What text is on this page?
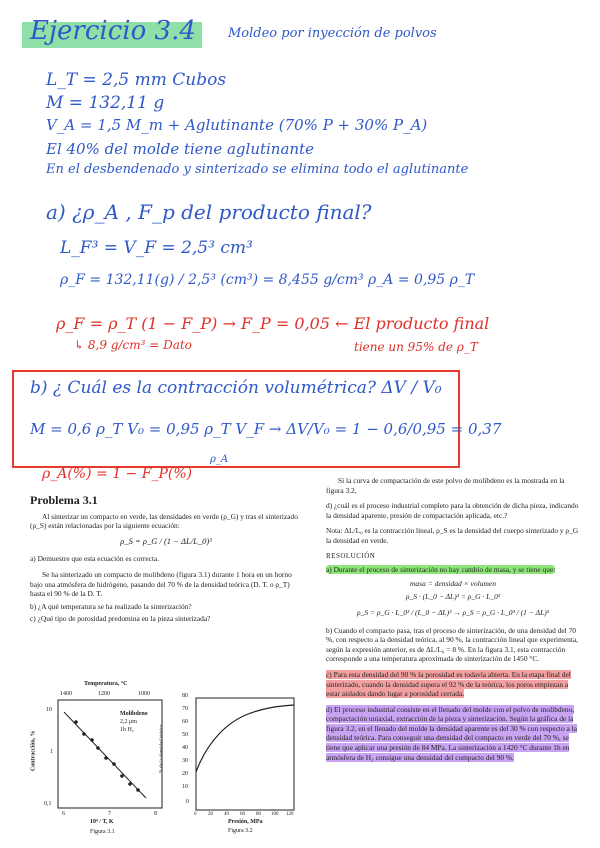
Ejercicio 3.4 Moldeo por inyección de polvos
L_T = 2,5 mm Cubos
M = 132,11 g
V_A = 1,5 M_m + Aglutinante (70% P + 30% P_A)
El 40% del molde tiene aglutinante
En el desbendenado y sinterizado se elimina todo el aglutinante
a) ¿ρ_A , F_p del producto final?
L_F³ = V_F = 2,5³ cm³
ρ_F = 132,11(g) / 2,5³ (cm³) = 8,455 g/cm³ ρ_A = 0,95 ρ_T
ρ_F = ρ_T (1 − F_P) → F_P = 0,05 ← El producto final
↳ 8,9 g/cm³ = Dato	tiene un 95% de ρ_T
b) ¿ Cuál es la contracción volumétrica? ΔV / V₀
M = 0,6 ρ_T V₀ = 0,95 ρ_T V_F → ΔV/V₀ = 1 − 0,6/0,95 = 0,37
ρ_A
ρ_A(%) = 1 − F_P(%)
Problema 3.1

Al sinterizar un compacto en verde, las densidades en verde (ρ_G) y tras el sinterizado (ρ_S) están relacionadas por la siguiente ecuación:

ρ_S = ρ_G / (1 − ΔL/L_0)³

a) Demuestre que esta ecuación es correcta.

Se ha sinterizado un compacto de molibdeno (figura 3.1) durante 1 hora en un horno bajo una atmósfera de hidrógeno, pasando del 70 % de la densidad teórica (D. T. o ρ_T) hasta el 90 % de la D. T.

b) ¿A qué temperatura se ha realizado la sinterización?

c) ¿Qué tipo de porosidad predomina en la pieza sinterizada?

Temperatura, °C
1400	1200	1000
Molibdeno
2,2 μm
1h H₂
10
1
0,1
Contracción, %
6	7	8
10⁴ / T, K
Figura 3.1
80
70
60
50
40
30
20
10
0
% de la densidad teórica
0 20 40 60 80 100 120
Presión, MPa
Figura 3.2

Si la curva de compactación de este polvo de molibdeno es la mostrada en la figura 3.2,

d) ¿cuál es el proceso industrial completo para la obtención de dicha pieza, indicando la densidad aparente, presión de compactación aplicada, etc.?

Nota: ΔL/L₀ es la contracción lineal, ρ_S es la densidad del cuerpo sinterizado y ρ_G la densidad en verde.

RESOLUCIÓN

a) Durante el proceso de sinterización no hay cambio de masa, y se tiene que:

masa = densidad × volumen
ρ_S · (L_0 − ΔL)³ = ρ_G · L_0³
ρ_S = ρ_G · L_0³ / (L_0 − ΔL)³ → ρ_S = ρ_G · L_0³ / (1 − ΔL)³

b) Cuando el compacto pasa, tras el proceso de sinterización, de una densidad del 70 %, con respecto a la densidad teórica, al 90 %, la contracción lineal que experimenta, según la expresión anterior, es de ΔL/L₀ = 8 %. En la figura 3.1, esta contracción corresponde a una temperatura aproximada de sinterización de 1450 °C.

c) Para esta densidad del 90 % la porosidad es todavía abierta. En la etapa final del sinterizado, cuando la densidad supera el 92 % de la teórica, los poros empiezan a estar aislados dando lugar a porosidad cerrada.

d) El proceso industrial consiste en el llenado del molde con el polvo de molibdeno, compactación uniaxial, extracción de la pieza y sinterización. Según la gráfica de la figura 3.2, en el llenado del molde la densidad aparente es del 30 % con respecto a la densidad teórica. Para conseguir una densidad del compacto en verde del 70 %, se tiene que aplicar una presión de 84 MPa. La sinterización a 1420 °C durante 1h en atmósfera de H₂ consigue una densidad del compacto del 90 %.
